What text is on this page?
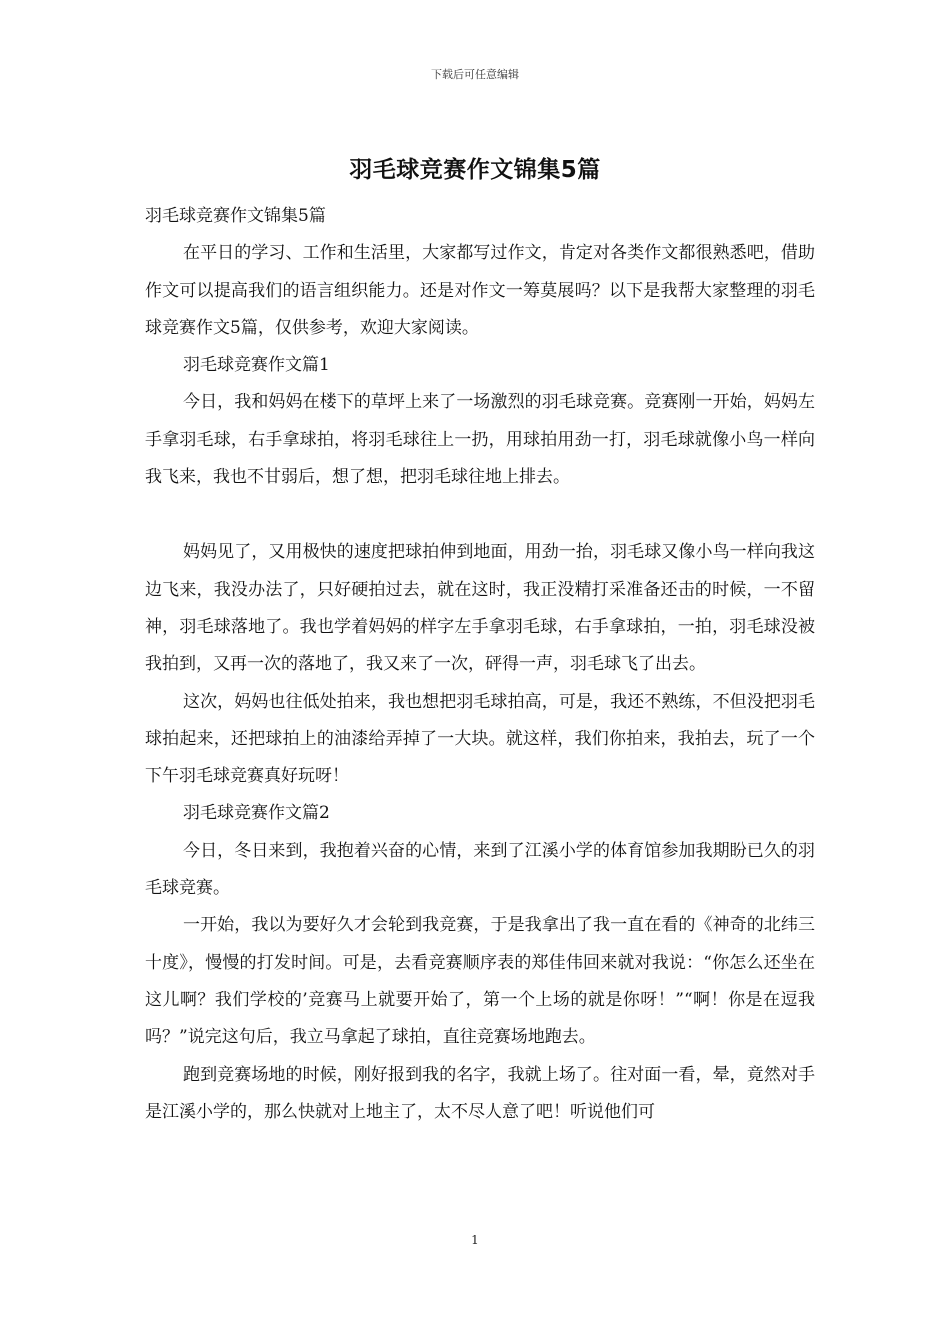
下载后可任意编辑
羽毛球竞赛作文锦集5篇

羽毛球竞赛作文锦集5篇

在平日的学习、工作和生活里，大家都写过作文，肯定对各类作文都很熟悉吧，借助作文可以提高我们的语言组织能力。还是对作文一筹莫展吗？以下是我帮大家整理的羽毛球竞赛作文5篇，仅供参考，欢迎大家阅读。

羽毛球竞赛作文篇1

今日，我和妈妈在楼下的草坪上来了一场激烈的羽毛球竞赛。竞赛刚一开始，妈妈左手拿羽毛球，右手拿球拍，将羽毛球往上一扔，用球拍用劲一打，羽毛球就像小鸟一样向我飞来，我也不甘弱后，想了想，把羽毛球往地上排去。

妈妈见了，又用极快的速度把球拍伸到地面，用劲一抬，羽毛球又像小鸟一样向我这边飞来，我没办法了，只好硬拍过去，就在这时，我正没精打采准备还击的时候，一不留神，羽毛球落地了。我也学着妈妈的样字左手拿羽毛球，右手拿球拍，一拍，羽毛球没被我拍到，又再一次的落地了，我又来了一次，砰得一声，羽毛球飞了出去。

这次，妈妈也往低处拍来，我也想把羽毛球拍高，可是，我还不熟练，不但没把羽毛球拍起来，还把球拍上的油漆给弄掉了一大块。就这样，我们你拍来，我拍去，玩了一个下午羽毛球竞赛真好玩呀！

羽毛球竞赛作文篇2

今日，冬日来到，我抱着兴奋的心情，来到了江溪小学的体育馆参加我期盼已久的羽毛球竞赛。

一开始，我以为要好久才会轮到我竞赛，于是我拿出了我一直在看的《神奇的北纬三十度》，慢慢的打发时间。可是，去看竞赛顺序表的郑佳伟回来就对我说：“你怎么还坐在这儿啊？我们学校的’竞赛马上就要开始了，第一个上场的就是你呀！”“啊！你是在逗我吗？”说完这句后，我立马拿起了球拍，直往竞赛场地跑去。

跑到竞赛场地的时候，刚好报到我的名字，我就上场了。往对面一看，晕，竟然对手是江溪小学的，那么快就对上地主了，太不尽人意了吧！听说他们可

1
